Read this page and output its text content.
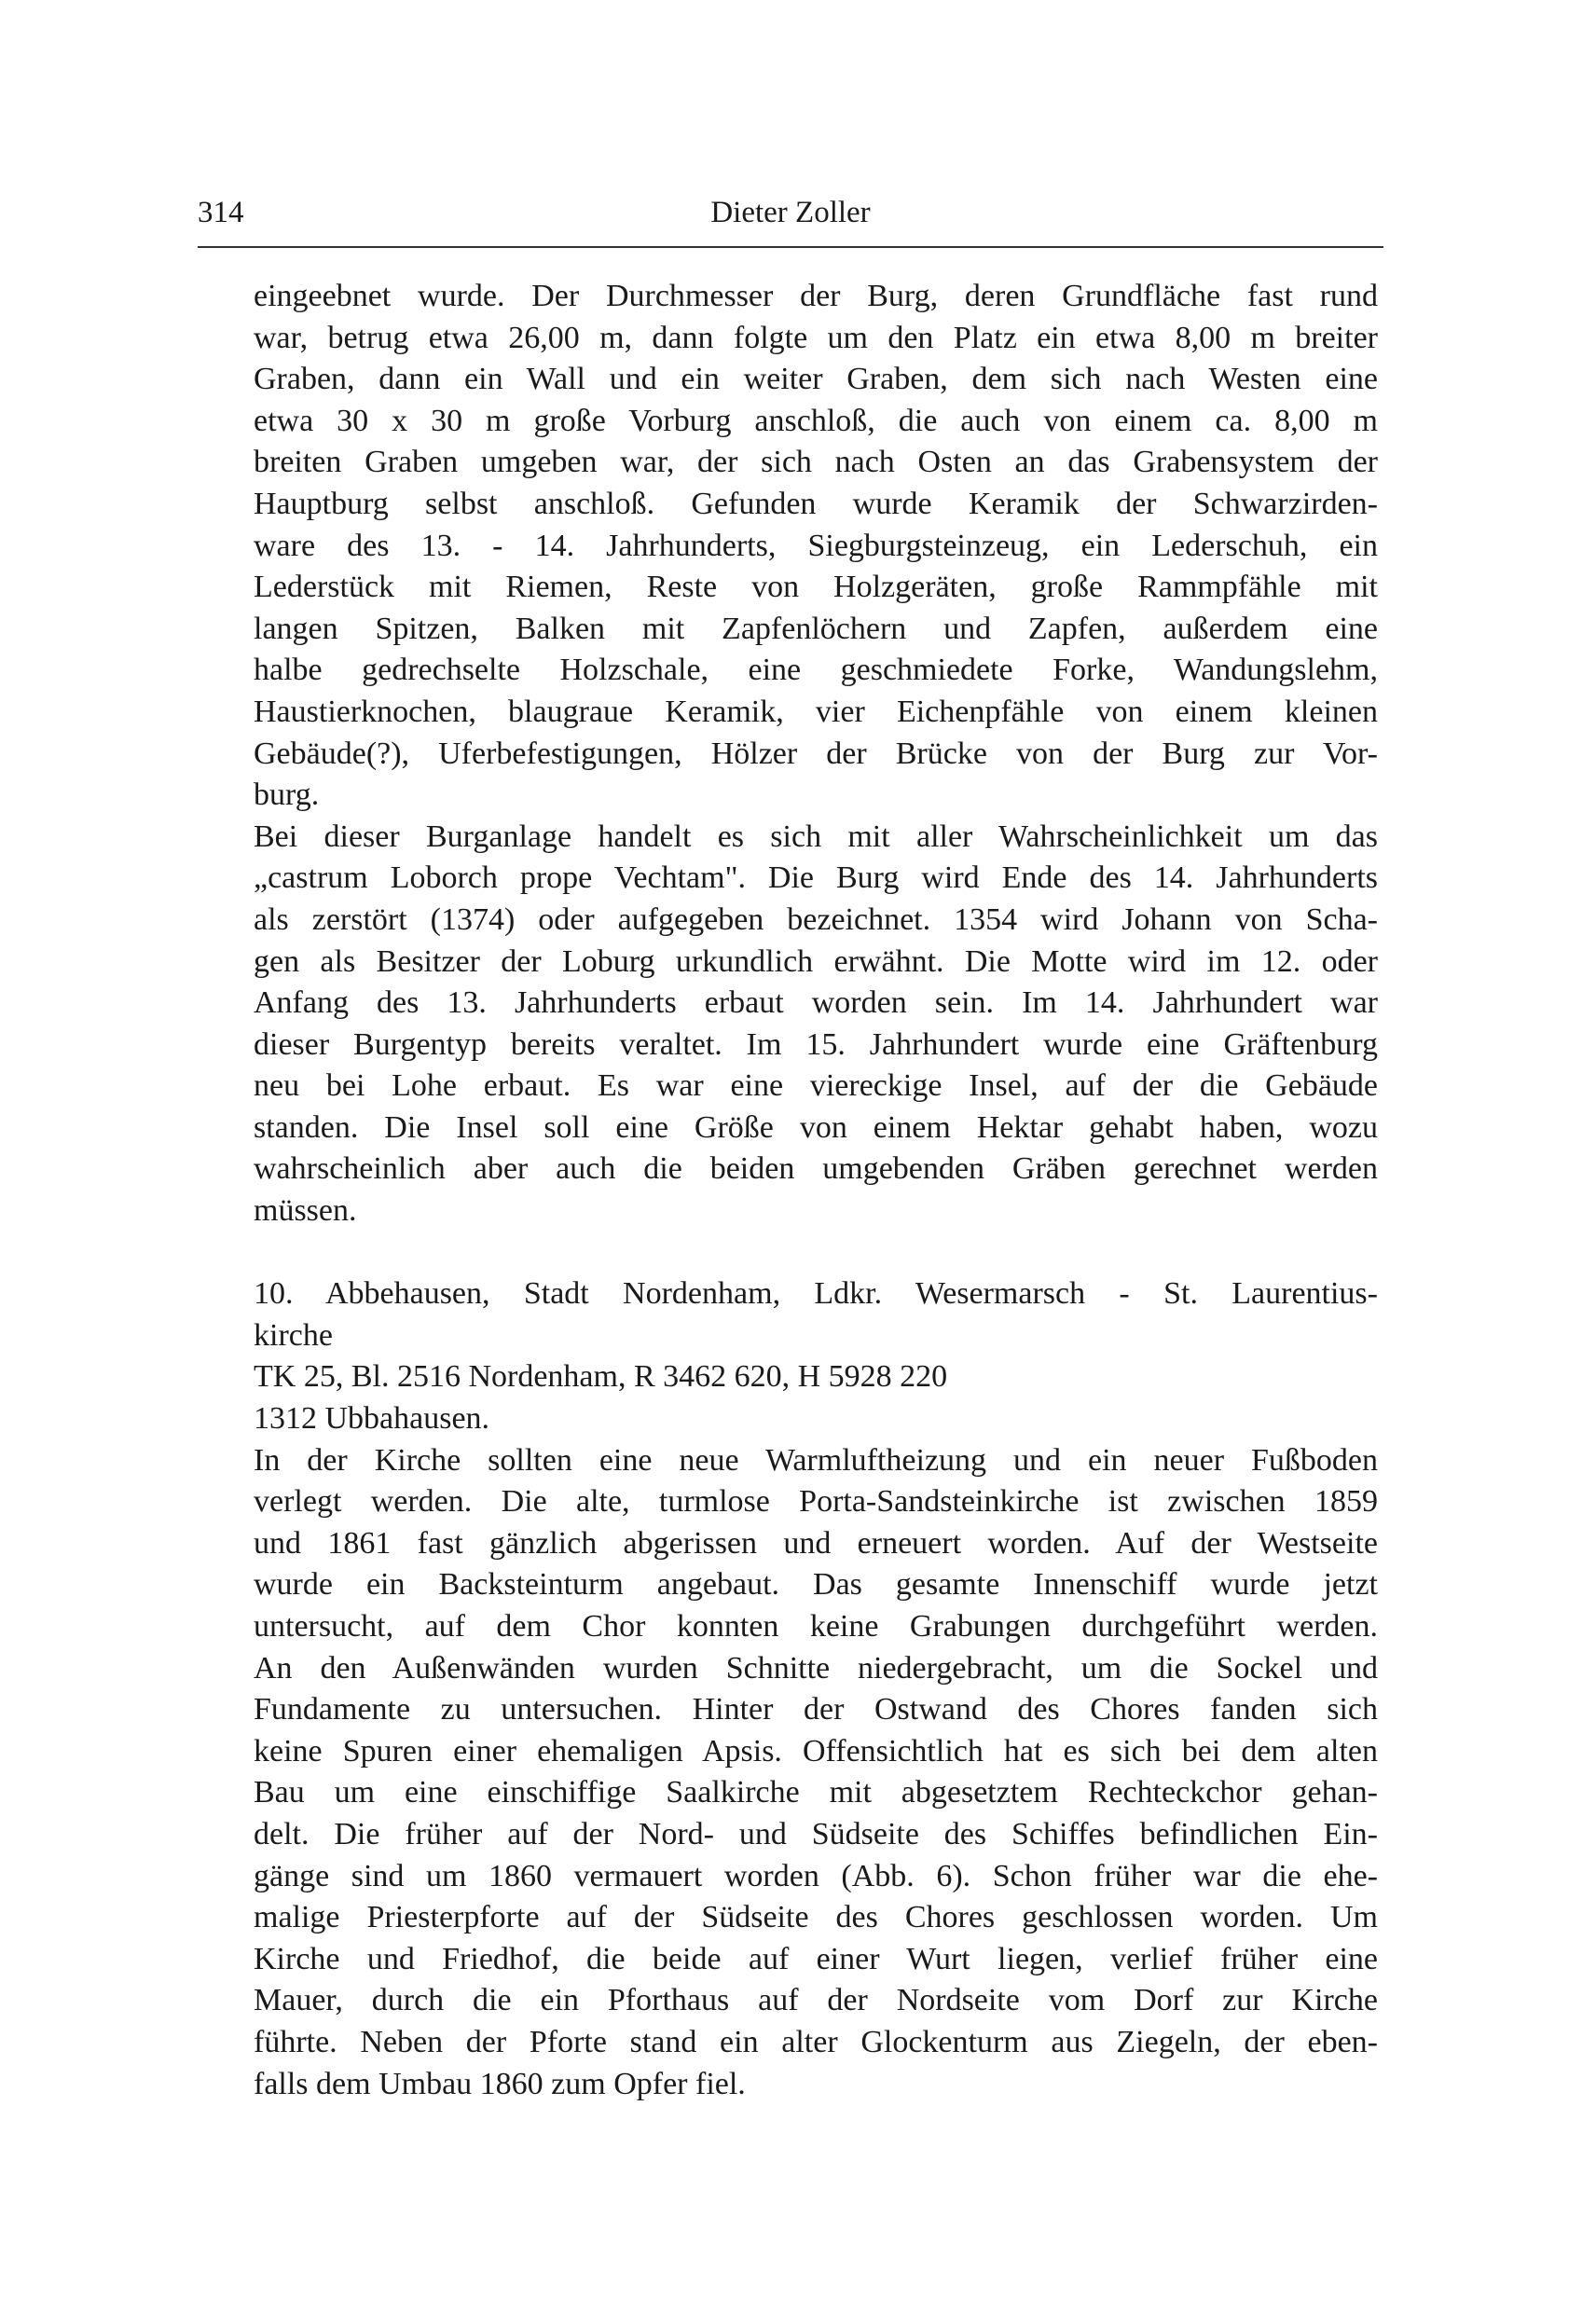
314	Dieter Zoller
eingeebnet wurde. Der Durchmesser der Burg, deren Grundfläche fast rund
war, betrug etwa 26,00 m, dann folgte um den Platz ein etwa 8,00 m breiter
Graben, dann ein Wall und ein weiter Graben, dem sich nach Westen eine
etwa 30 x 30 m große Vorburg anschloß, die auch von einem ca. 8,00 m
breiten Graben umgeben war, der sich nach Osten an das Grabensystem der
Hauptburg selbst anschloß. Gefunden wurde Keramik der Schwarzirden-
ware des 13. - 14. Jahrhunderts, Siegburgsteinzeug, ein Lederschuh, ein
Lederstück mit Riemen, Reste von Holzgeräten, große Rammpfähle mit
langen Spitzen, Balken mit Zapfenlöchern und Zapfen, außerdem eine
halbe gedrechselte Holzschale, eine geschmiedete Forke, Wandungslehm,
Haustierknochen, blaugraue Keramik, vier Eichenpfähle von einem kleinen
Gebäude(?), Uferbefestigungen, Hölzer der Brücke von der Burg zur Vor-
burg.
Bei dieser Burganlage handelt es sich mit aller Wahrscheinlichkeit um das
„castrum Loborch prope Vechtam". Die Burg wird Ende des 14. Jahrhunderts
als zerstört (1374) oder aufgegeben bezeichnet. 1354 wird Johann von Scha-
gen als Besitzer der Loburg urkundlich erwähnt. Die Motte wird im 12. oder
Anfang des 13. Jahrhunderts erbaut worden sein. Im 14. Jahrhundert war
dieser Burgentyp bereits veraltet. Im 15. Jahrhundert wurde eine Gräftenburg
neu bei Lohe erbaut. Es war eine viereckige Insel, auf der die Gebäude
standen. Die Insel soll eine Größe von einem Hektar gehabt haben, wozu
wahrscheinlich aber auch die beiden umgebenden Gräben gerechnet werden
müssen.
10. Abbehausen, Stadt Nordenham, Ldkr. Wesermarsch - St. Laurentius-
kirche
TK 25, Bl. 2516 Nordenham, R 3462 620, H 5928 220
1312 Ubbahausen.
In der Kirche sollten eine neue Warmluftheizung und ein neuer Fußboden
verlegt werden. Die alte, turmlose Porta-Sandsteinkirche ist zwischen 1859
und 1861 fast gänzlich abgerissen und erneuert worden. Auf der Westseite
wurde ein Backsteinturm angebaut. Das gesamte Innenschiff wurde jetzt
untersucht, auf dem Chor konnten keine Grabungen durchgeführt werden.
An den Außenwänden wurden Schnitte niedergebracht, um die Sockel und
Fundamente zu untersuchen. Hinter der Ostwand des Chores fanden sich
keine Spuren einer ehemaligen Apsis. Offensichtlich hat es sich bei dem alten
Bau um eine einschiffige Saalkirche mit abgesetztem Rechteckchor gehan-
delt. Die früher auf der Nord- und Südseite des Schiffes befindlichen Ein-
gänge sind um 1860 vermauert worden (Abb. 6). Schon früher war die ehe-
malige Priesterpforte auf der Südseite des Chores geschlossen worden. Um
Kirche und Friedhof, die beide auf einer Wurt liegen, verlief früher eine
Mauer, durch die ein Pforthaus auf der Nordseite vom Dorf zur Kirche
führte. Neben der Pforte stand ein alter Glockenturm aus Ziegeln, der eben-
falls dem Umbau 1860 zum Opfer fiel.
